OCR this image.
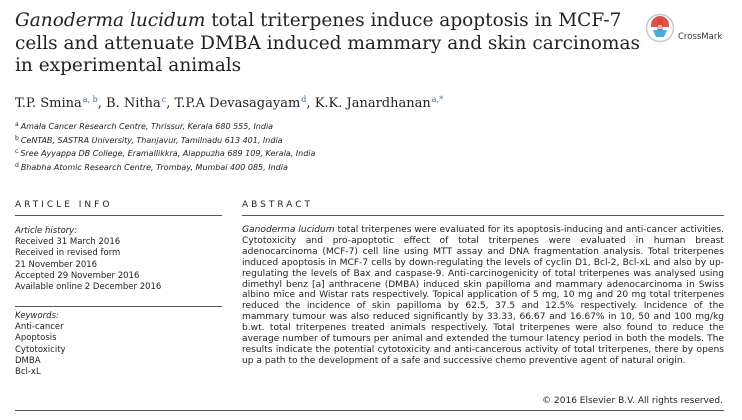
Ganoderma lucidum total triterpenes induce apoptosis in MCF-7 cells and attenuate DMBA induced mammary and skin carcinomas in experimental animals
CrossMark
T.P. Smina$^{a, b}$, B. Nitha$^c$, T.P.A Devasagayam$^d$, K.K. Janardhanan$^{a,*}$
$^a$ Amala Cancer Research Centre, Thrissur, Kerala 680 555, India
$^b$ CeNTAB, SASTRA University, Thanjavur, Tamilnadu 613 401, India
$^c$ Sree Ayyappa DB College, Eramallikkra, Alappuzha 689 109, Kerala, India
$^d$ Bhabha Atomic Research Centre, Trombay, Mumbai 400 085, India
ARTICLE INFO	ABSTRACT
Article history:
Received 31 March 2016
Received in revised form
21 November 2016
Accepted 29 November 2016
Available online 2 December 2016
Keywords:
Anti-cancer
Apoptosis
Cytotoxicity
DMBA
Bcl-xL
Ganoderma lucidum total triterpenes were evaluated for its apoptosis-inducing and anti-cancer activities. Cytotoxicity and pro-apoptotic effect of total triterpenes were evaluated in human breast adenocarcinoma (MCF-7) cell line using MTT assay and DNA fragmentation analysis. Total triterpenes induced apoptosis in MCF-7 cells by down-regulating the levels of cyclin D1, Bcl-2, Bcl-xL and also by up-regulating the levels of Bax and caspase-9. Anti-carcinogenicity of total triterpenes was analysed using dimethyl benz [a] anthracene (DMBA) induced skin papilloma and mammary adenocarcinoma in Swiss albino mice and Wistar rats respectively. Topical application of 5 mg, 10 mg and 20 mg total triterpenes reduced the incidence of skin papilloma by 62.5, 37.5 and 12.5% respectively. Incidence of the mammary tumour was also reduced significantly by 33.33, 66.67 and 16.67% in 10, 50 and 100 mg/kg b.wt. total triterpenes treated animals respectively. Total triterpenes were also found to reduce the average number of tumours per animal and extended the tumour latency period in both the models. The results indicate the potential cytotoxicity and anti-cancerous activity of total triterpenes, there by opens up a path to the development of a safe and successive chemo preventive agent of natural origin.
© 2016 Elsevier B.V. All rights reserved.
